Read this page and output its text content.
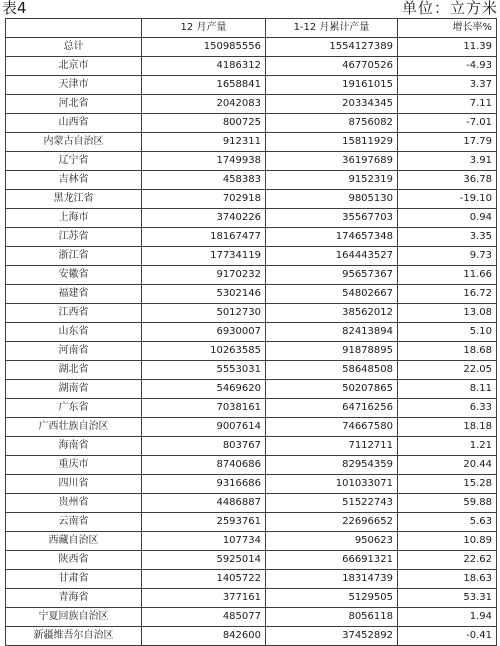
表4	单位：立方米
	12 月产量	1-12 月累计产量	增长率%
总计	150985556	1554127389	11.39
北京市	4186312	46770526	-4.93
天津市	1658841	19161015	3.37
河北省	2042083	20334345	7.11
山西省	800725	8756082	-7.01
内蒙古自治区	912311	15811929	17.79
辽宁省	1749938	36197689	3.91
吉林省	458383	9152319	36.78
黑龙江省	702918	9805130	-19.10
上海市	3740226	35567703	0.94
江苏省	18167477	174657348	3.35
浙江省	17734119	164443527	9.73
安徽省	9170232	95657367	11.66
福建省	5302146	54802667	16.72
江西省	5012730	38562012	13.08
山东省	6930007	82413894	5.10
河南省	10263585	91878895	18.68
湖北省	5553031	58648508	22.05
湖南省	5469620	50207865	8.11
广东省	7038161	64716256	6.33
广西壮族自治区	9007614	74667580	18.18
海南省	803767	7112711	1.21
重庆市	8740686	82954359	20.44
四川省	9316686	101033071	15.28
贵州省	4486887	51522743	59.88
云南省	2593761	22696652	5.63
西藏自治区	107734	950623	10.89
陕西省	5925014	66691321	22.62
甘肃省	1405722	18314739	18.63
青海省	377161	5129505	53.31
宁夏回族自治区	485077	8056118	1.94
新疆维吾尔自治区	842600	37452892	-0.41
